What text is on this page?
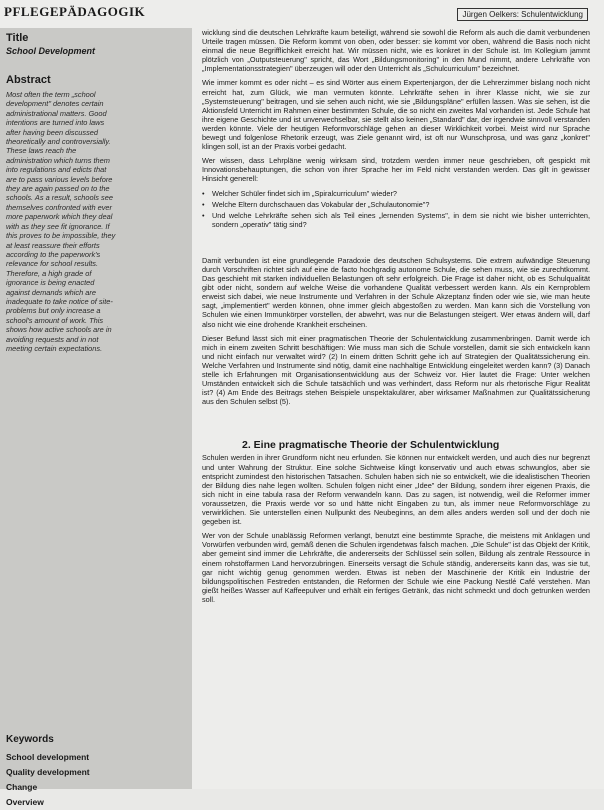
PFLEGEPÄDAGOGIK	Jürgen Oelkers: Schulentwicklung
Title
School Development
Abstract
Most often the term „school development" denotes certain administrational matters. Good intentions are turned into laws after having been discussed theoretically and controversially. These laws reach the administration which turns them into regulations and edicts that are to pass various levels before they are again passed on to the schools. As a result, schools see themselves confronted with ever more paperwork which they deal with as they see fit ignorance. If this proves to be impossible, they at least reassure their efforts according to the paperwork's relevance for school results. Therefore, a high grade of ignorance is being enacted against demands which are inadequate to take notice of site-problems but only increase a school's amount of work. This shows how active schools are in avoiding requests and in not meeting certain expectations.
Keywords
School development
Quality development
Change
Overview

wicklung sind die deutschen Lehrkräfte kaum beteiligt, während sie sowohl die Reform als auch die damit verbundenen Urteile tragen müssen. Die Reform kommt von oben, oder besser: sie kommt vor oben, während die Basis noch nicht einmal die neue Begrifflichkeit erreicht hat. Wir müssen nicht, wie es konkret in der Schule ist. Im Kollegium jammt plötzlich von „Outputsteuerung" spricht, das Wort „Bildungsmonitoring" in den Mund nimmt, andere Lehrkräfte von „Implementationsstrategien" überzeugen will oder den Unterricht als „Schulcurriculum" bezeichnet.

Wie immer kommt es oder nicht – es sind Wörter aus einem Expertenjargon, der die Lehrerzimmer bislang noch nicht erreicht hat, zum Glück, wie man vermuten könnte. Lehrkräfte sehen in ihrer Klasse nicht, wie sie zur „Systemsteuerung" beitragen, und sie sehen auch nicht, wie sie „Bildungspläne" erfüllen lassen. Was sie sehen, ist die Aktionsfeld Unterricht im Rahmen einer bestimmten Schule, die so nicht ein zweites Mal vorhanden ist. Jede Schule hat ihre eigene Geschichte und ist unverwechselbar, sie stellt also keinen „Standard" dar, der irgendwie sinnvoll verstanden werden könnte. Viele der heutigen Reformvorschläge gehen an dieser Wirklichkeit vorbei. Meist wird nur Sprache bewegt und folgenlose Rhetorik erzeugt, was Ziele genannt wird, ist oft nur Wunschprosa, und was ganz „konkret" klingen soll, ist an der Praxis vorbei gedacht.

Wer wissen, dass Lehrpläne wenig wirksam sind, trotzdem werden immer neue geschrieben, oft gespickt mit Innovationsbehauptungen, die schon von ihrer Sprache her im Feld nicht verstanden werden. Das gilt in gewisser Hinsicht generell:

• Welcher Schüler findet sich im „Spiralcurriculum" wieder?
• Welche Eltern durchschauen das Vokabular der „Schulautonomie"?
• Und welche Lehrkräfte sehen sich als Teil eines „lernenden Systems", in dem sie nicht wie bisher unterrichten, sondern „operativ" tätig sind?

Damit verbunden ist eine grundlegende Paradoxie des deutschen Schulsystems. Die extrem aufwändige Steuerung durch Vorschriften richtet sich auf eine de facto hochgradig autonome Schule, die sehen muss, wie sie zurechtkommt. Das geschieht mit starken individuellen Belastungen oft sehr erfolgreich. Die Frage ist daher nicht, ob es Schulqualität gibt oder nicht, sondern auf welche Weise die vorhandene Qualität verbessert werden kann. Als ein Kernproblem erweist sich dabei, wie neue Instrumente und Verfahren in der Schule Akzeptanz finden oder wie sie, wie man heute sagt, „implementiert" werden können, ohne immer gleich abgestoßen zu werden. Man kann sich die Vorstellung von Schulen wie einen Immunkörper vorstellen, der abwehrt, was nur die Belastungen steigert. Wer etwas ändern will, darf also nicht wie eine drohende Krankheit erscheinen.

Dieser Befund lässt sich mit einer pragmatischen Theorie der Schulentwicklung zusammenbringen. Damit werde ich mich in einem zweiten Schritt beschäftigen: Wie muss man sich die Schule vorstellen, damit sie sich entwickeln kann und nicht einfach nur verwaltet wird? (2) In einem dritten Schritt gehe ich auf Strategien der Qualitätssicherung ein. Welche Verfahren und Instrumente sind nötig, damit eine nachhaltige Entwicklung eingeleitet werden kann? (3) Danach stelle ich Erfahrungen mit Organisationsentwicklung aus der Schweiz vor. Hier lautet die Frage: Unter welchen Umständen entwickelt sich die Schule tatsächlich und was verhindert, dass Reform nur als rhetorische Figur Realität ist? (4) Am Ende des Beitrags stehen Beispiele unspektakulärer, aber wirksamer Maßnahmen zur Qualitätssicherung aus den Schulen selbst (5).

2. Eine pragmatische Theorie der Schulentwicklung

Schulen werden in ihrer Grundform nicht neu erfunden. Sie können nur entwickelt werden, und auch dies nur begrenzt und unter Wahrung der Struktur. Eine solche Sichtweise klingt konservativ und auch etwas schwunglos, aber sie entspricht zumindest den historischen Tatsachen. Schulen haben sich nie so entwickelt, wie die idealistischen Theorien der Bildung dies nahe legen wollten. Schulen folgen nicht einer „Idee" der Bildung, sondern ihrer eigenen Praxis, die sich nicht in eine tabula rasa der Reform verwandeln kann. Das zu sagen, ist notwendig, weil die Reformer immer voraussetzen, die Praxis werde vor so und hätte nicht Eingaben zu tun, als immer neue Reformvorschläge zu verwirklichen. Sie unterstellen einen Nullpunkt des Neubeginns, an dem alles anders werden soll und der doch nie gegeben ist.

Wer von der Schule unablässig Reformen verlangt, benutzt eine bestimmte Sprache, die meistens mit Anklagen und Vorwürfen verbunden wird, gemäß denen die Schulen irgendetwas falsch machen. „Die Schule" ist das Objekt der Kritik, aber gemeint sind immer die Lehrkräfte, die andererseits der Schlüssel sein sollen, Bildung als zentrale Ressource in einem rohstoffarmen Land hervorzubringen. Einerseits versagt die Schule ständig, andererseits kann das, was sie tut, gar nicht wichtig genug genommen werden. Etwas ist neben der Maschinerie der Kritik ein Industrie der bildungspolitischen Festreden entstanden, die Reformen der Schule wie eine Packung Nestlé Café verstehen. Man gießt heißes Wasser auf Kaffeepulver und erhält ein fertiges Getränk, das nicht schmeckt und doch getrunken werden soll.
